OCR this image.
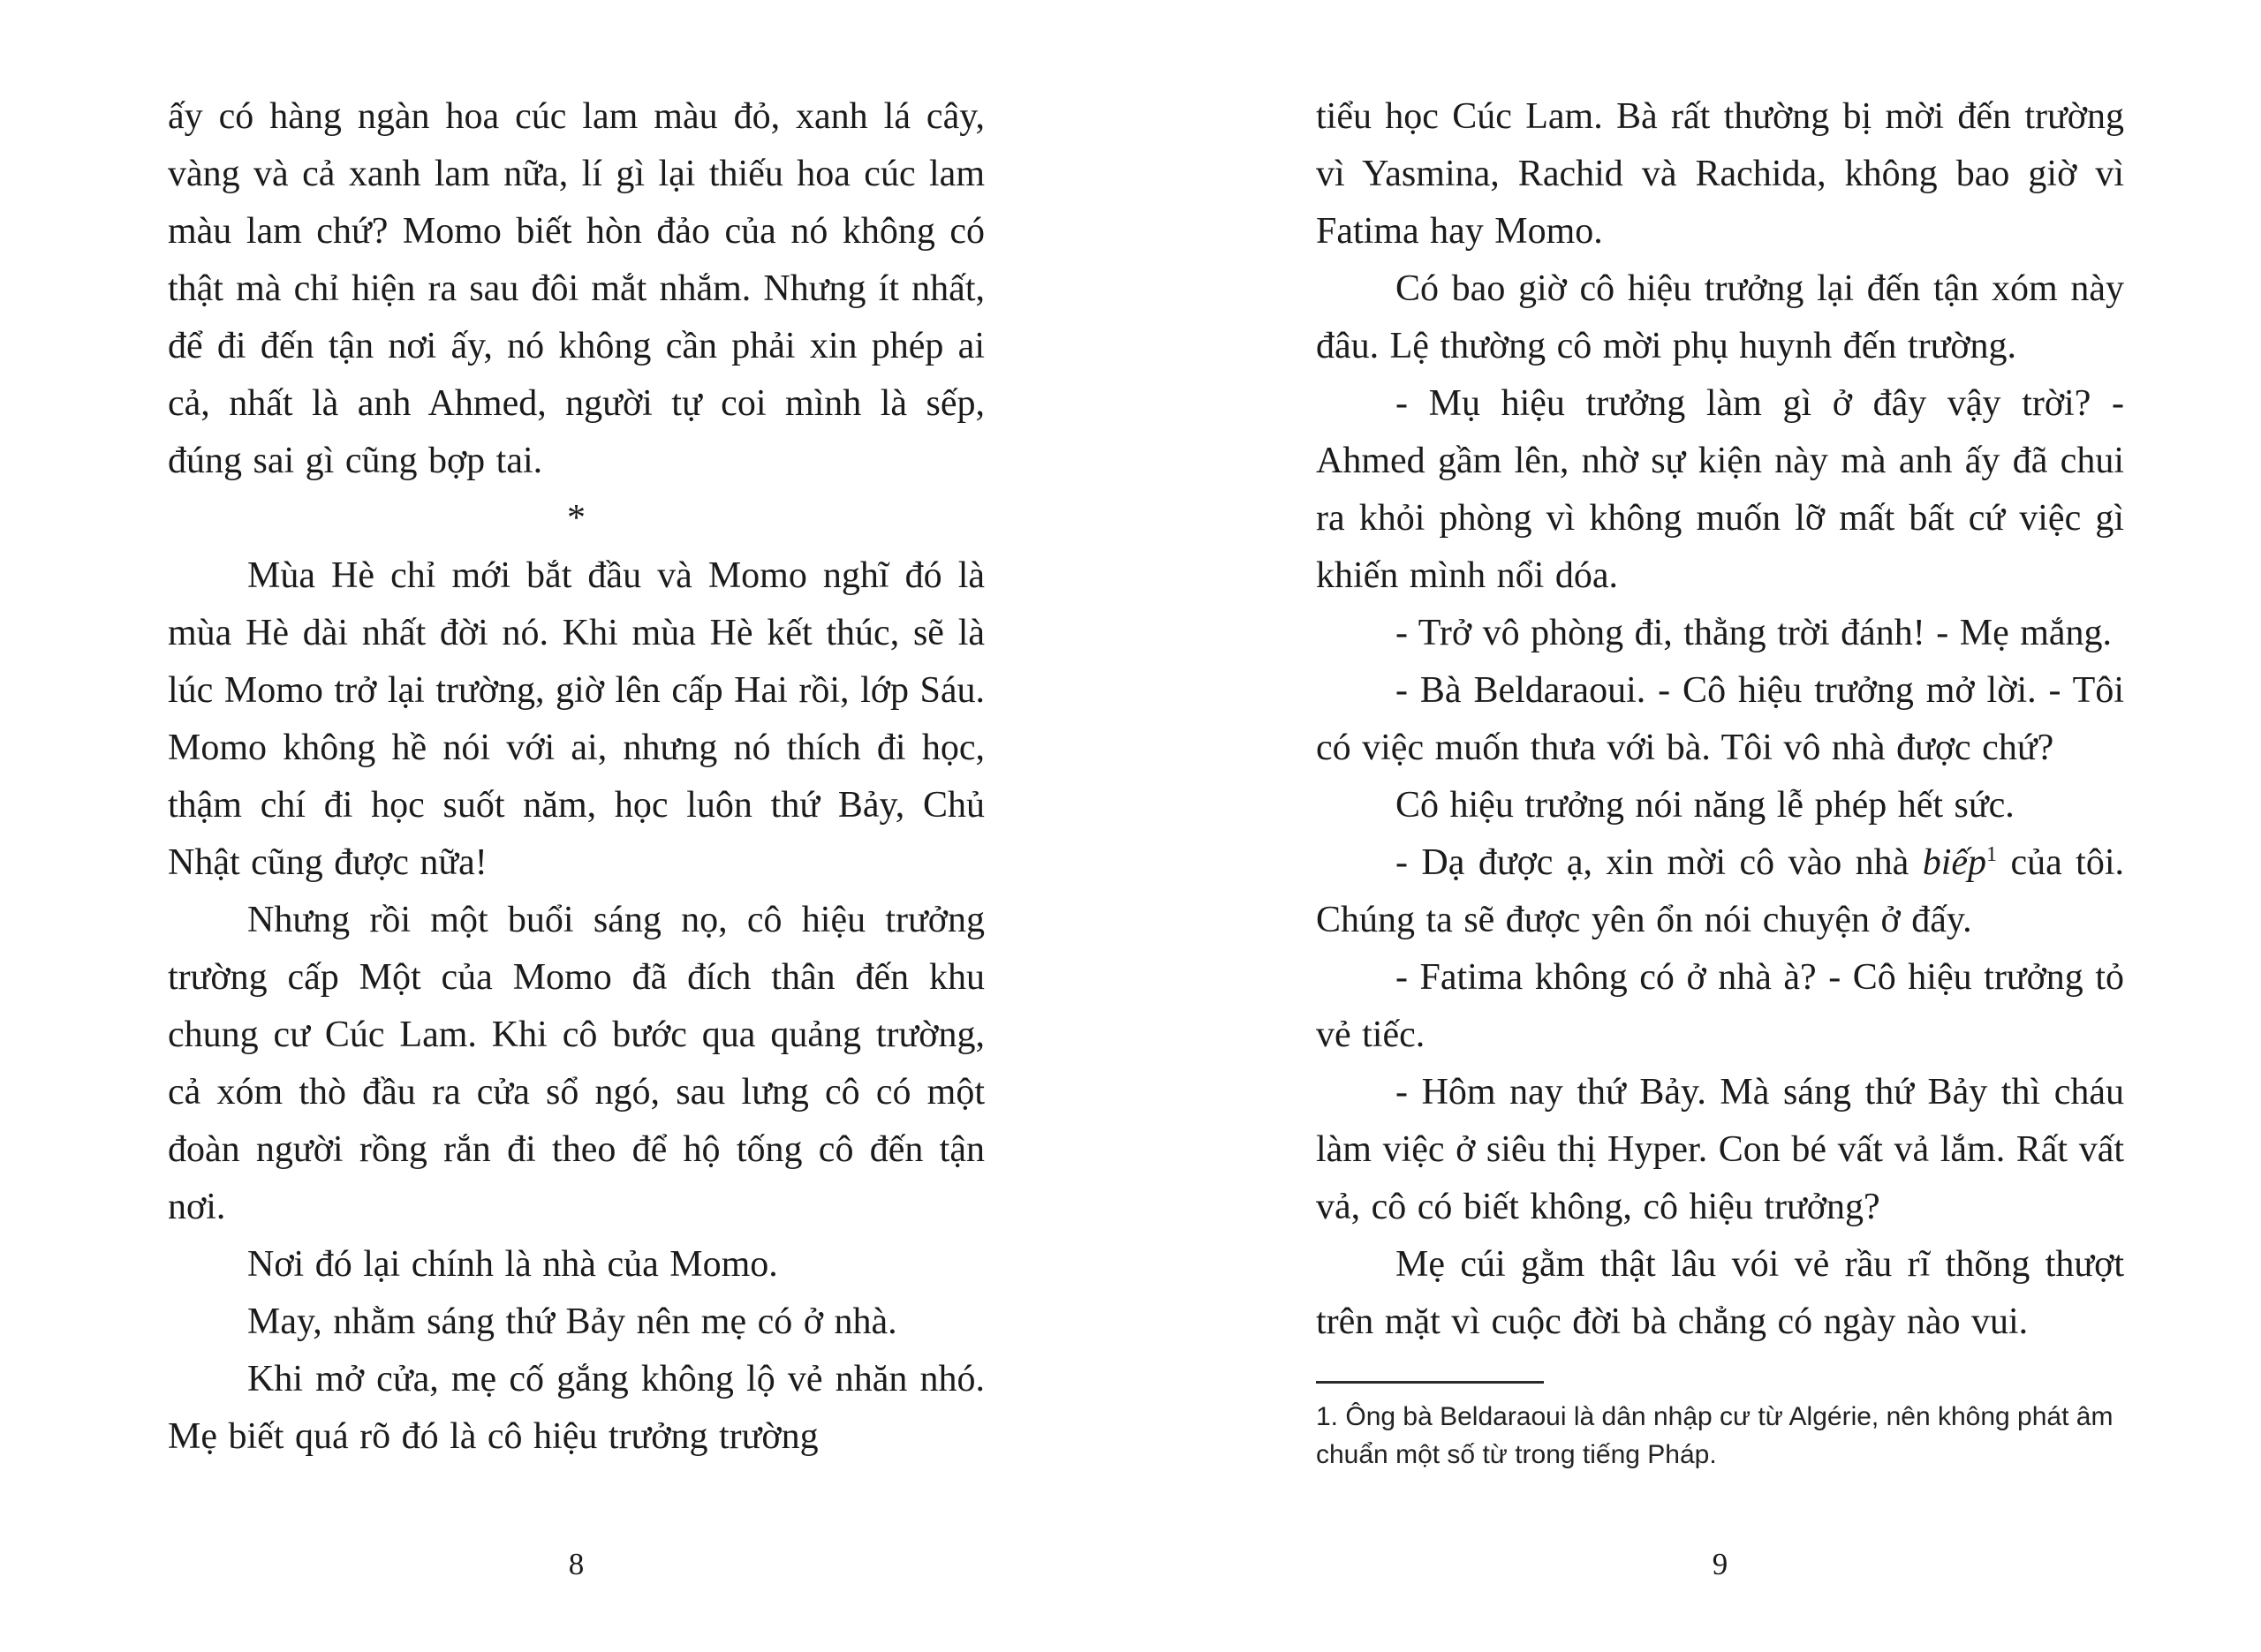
ấy có hàng ngàn hoa cúc lam màu đỏ, xanh lá cây, vàng và cả xanh lam nữa, lí gì lại thiếu hoa cúc lam màu lam chứ? Momo biết hòn đảo của nó không có thật mà chỉ hiện ra sau đôi mắt nhắm. Nhưng ít nhất, để đi đến tận nơi ấy, nó không cần phải xin phép ai cả, nhất là anh Ahmed, người tự coi mình là sếp, đúng sai gì cũng bợp tai.

*

Mùa Hè chỉ mới bắt đầu và Momo nghĩ đó là mùa Hè dài nhất đời nó. Khi mùa Hè kết thúc, sẽ là lúc Momo trở lại trường, giờ lên cấp Hai rồi, lớp Sáu. Momo không hề nói với ai, nhưng nó thích đi học, thậm chí đi học suốt năm, học luôn thứ Bảy, Chủ Nhật cũng được nữa!

Nhưng rồi một buổi sáng nọ, cô hiệu trưởng trường cấp Một của Momo đã đích thân đến khu chung cư Cúc Lam. Khi cô bước qua quảng trường, cả xóm thò đầu ra cửa sổ ngó, sau lưng cô có một đoàn người rồng rắn đi theo để hộ tống cô đến tận nơi.

Nơi đó lại chính là nhà của Momo.

May, nhằm sáng thứ Bảy nên mẹ có ở nhà.

Khi mở cửa, mẹ cố gắng không lộ vẻ nhăn nhó. Mẹ biết quá rõ đó là cô hiệu trưởng trường

8

tiểu học Cúc Lam. Bà rất thường bị mời đến trường vì Yasmina, Rachid và Rachida, không bao giờ vì Fatima hay Momo.

Có bao giờ cô hiệu trưởng lại đến tận xóm này đâu. Lệ thường cô mời phụ huynh đến trường.

- Mụ hiệu trưởng làm gì ở đây vậy trời? - Ahmed gầm lên, nhờ sự kiện này mà anh ấy đã chui ra khỏi phòng vì không muốn lỡ mất bất cứ việc gì khiến mình nổi dóa.

- Trở vô phòng đi, thằng trời đánh! - Mẹ mắng.

- Bà Beldaraoui. - Cô hiệu trưởng mở lời. - Tôi có việc muốn thưa với bà. Tôi vô nhà được chứ?

Cô hiệu trưởng nói năng lễ phép hết sức.

- Dạ được ạ, xin mời cô vào nhà biếp$^1$ của tôi. Chúng ta sẽ được yên ổn nói chuyện ở đấy.

- Fatima không có ở nhà à? - Cô hiệu trưởng tỏ vẻ tiếc.

- Hôm nay thứ Bảy. Mà sáng thứ Bảy thì cháu làm việc ở siêu thị Hyper. Con bé vất vả lắm. Rất vất vả, cô có biết không, cô hiệu trưởng?

Mẹ cúi gằm thật lâu vói vẻ rầu rĩ thõng thượt trên mặt vì cuộc đời bà chẳng có ngày nào vui.

1. Ông bà Beldaraoui là dân nhập cư từ Algérie, nên không phát âm chuẩn một số từ trong tiếng Pháp.

9
